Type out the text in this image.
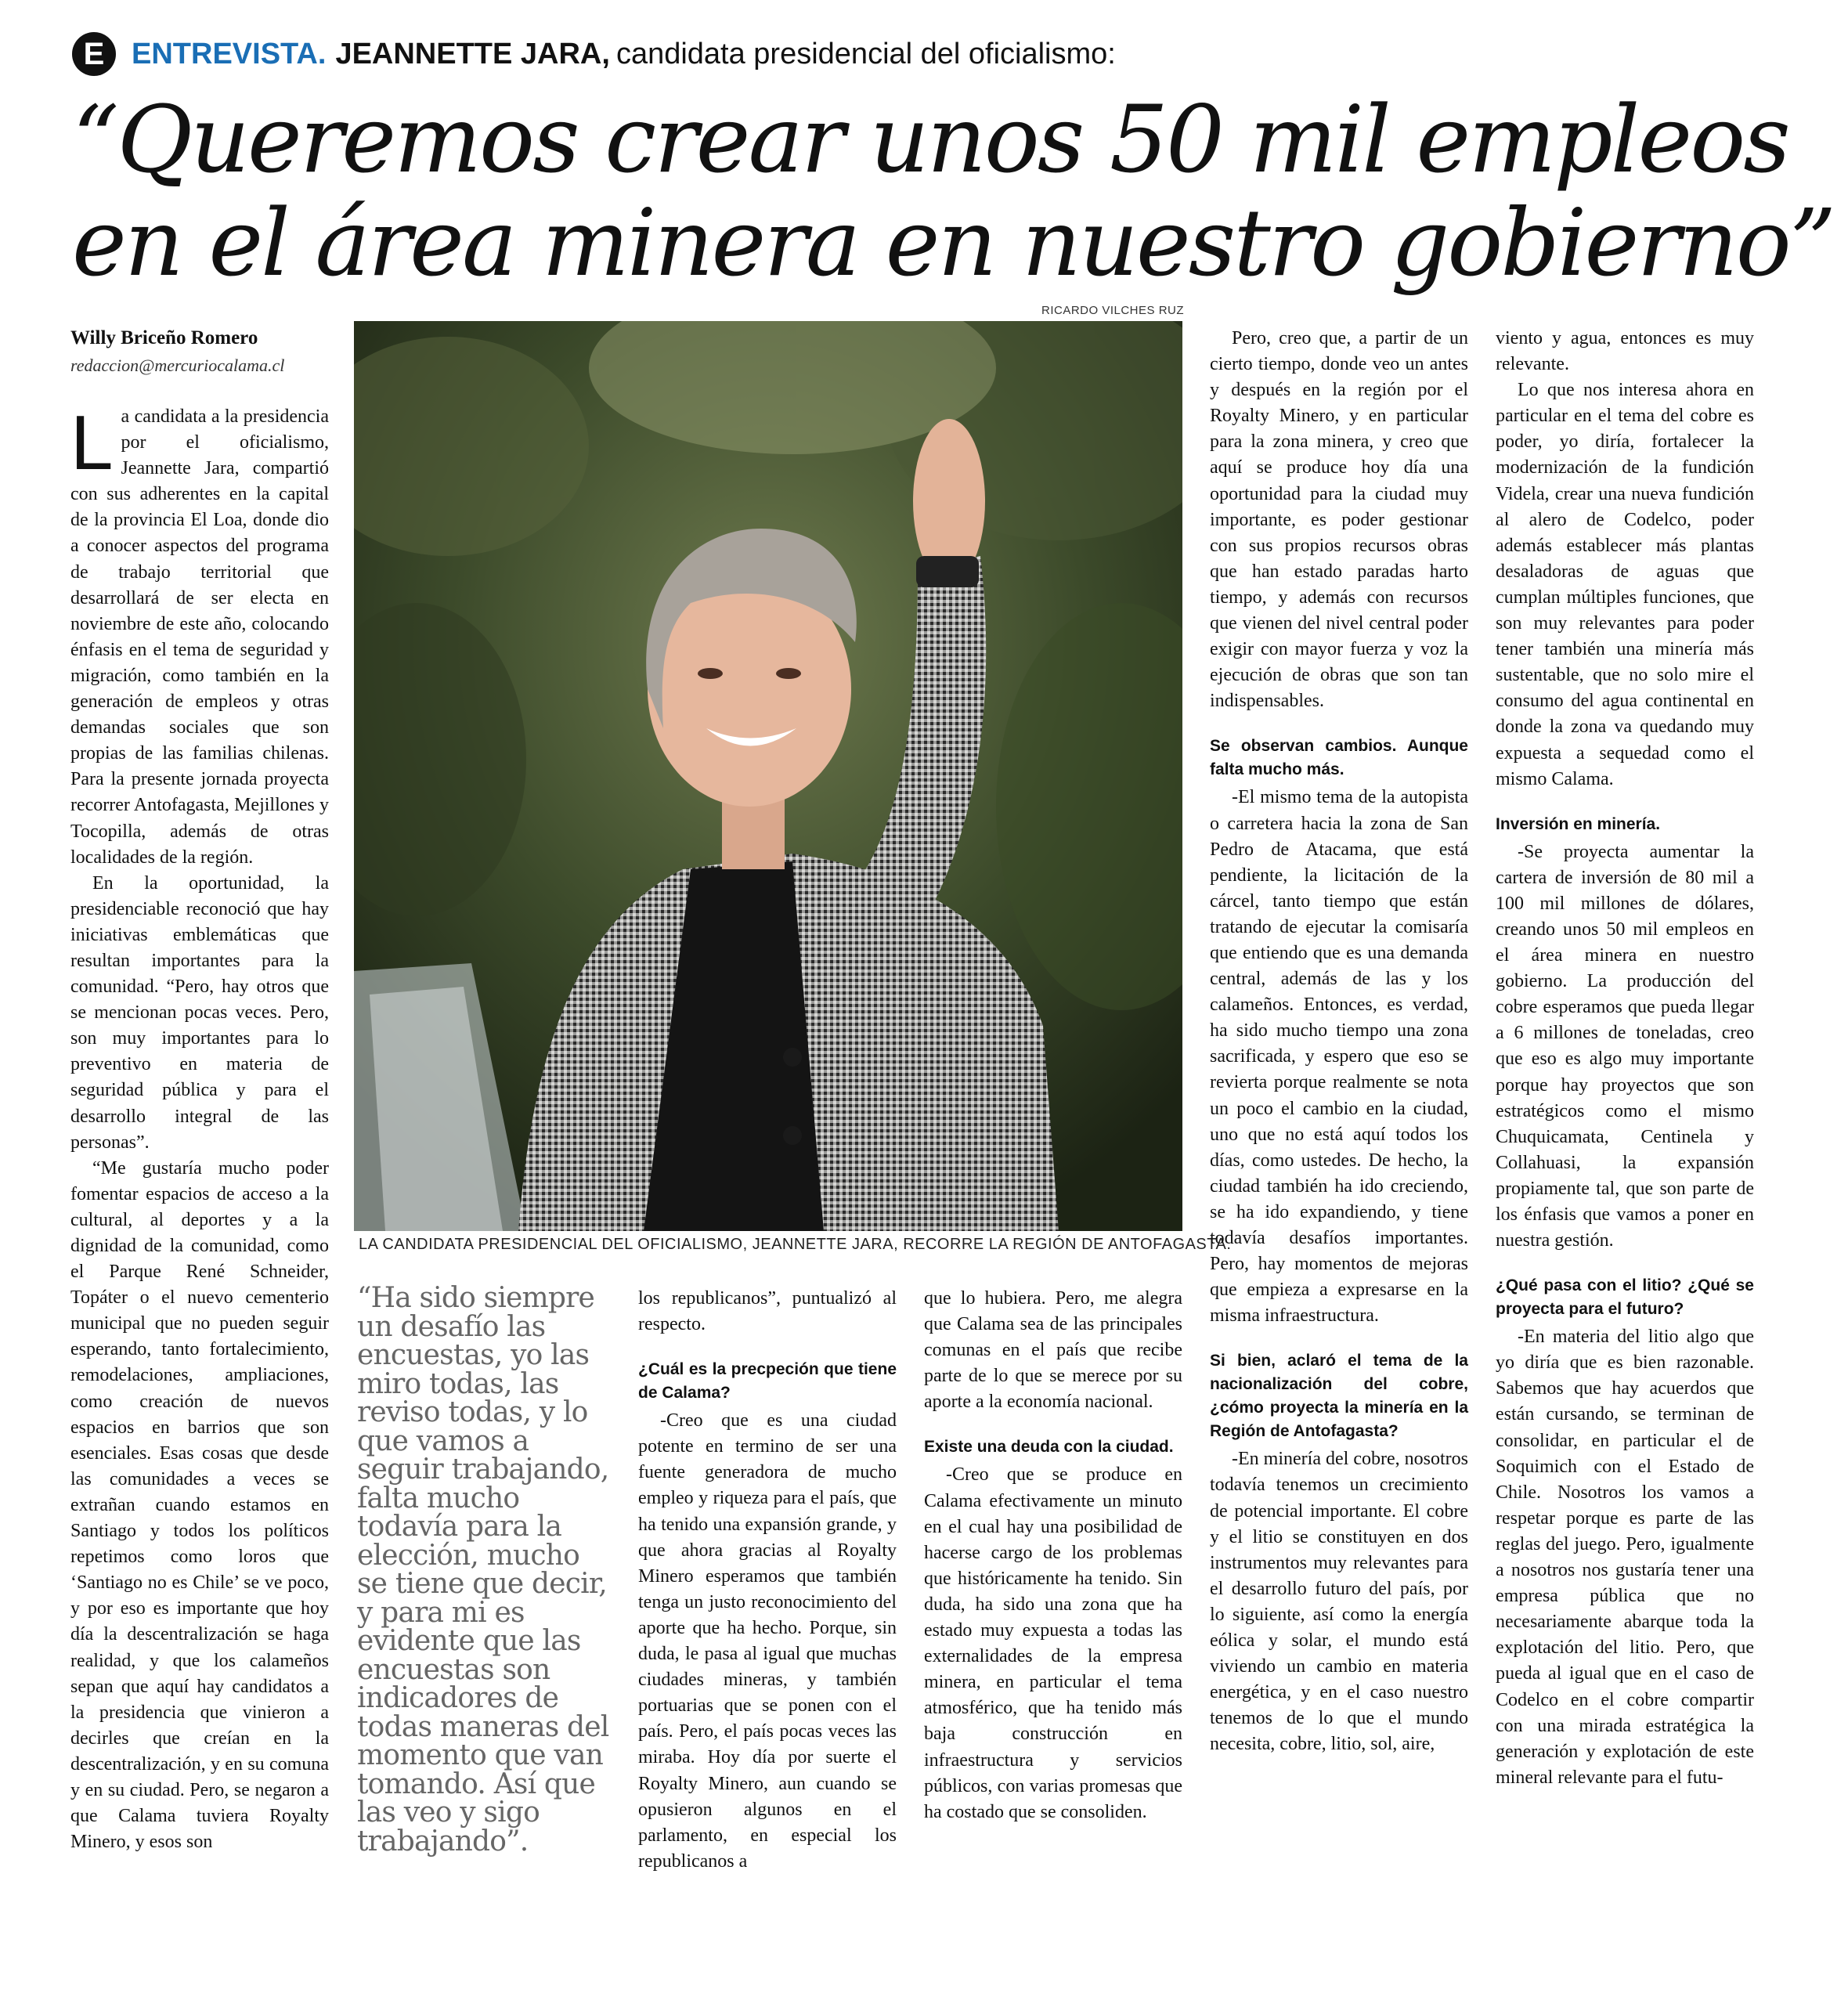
E ENTREVISTA. JEANNETTE JARA, candidata presidencial del oficialismo:
“Queremos crear unos 50 mil empleos
en el área minera en nuestro gobierno”
Willy Briceño Romero
redaccion@mercuriocalama.cl

La candidata a la presidencia por el oficialismo, Jeannette Jara, compartió con sus adherentes en la capital de la provincia El Loa, donde dio a conocer aspectos del programa de trabajo territorial que desarrollará de ser electa en noviembre de este año, colocando énfasis en el tema de seguridad y migración, como también en la generación de empleos y otras demandas sociales que son propias de las familias chilenas. Para la presente jornada proyecta recorrer Antofagasta, Mejillones y Tocopilla, además de otras localidades de la región.

En la oportunidad, la presidenciable reconoció que hay iniciativas emblemáticas que resultan importantes para la comunidad. “Pero, hay otros que se mencionan pocas veces. Pero, son muy importantes para lo preventivo en materia de seguridad pública y para el desarrollo integral de las personas”.

“Me gustaría mucho poder fomentar espacios de acceso a la cultural, al deportes y a la dignidad de la comunidad, como el Parque René Schneider, Topáter o el nuevo cementerio municipal que no pueden seguir esperando, tanto fortalecimiento, remodelaciones, ampliaciones, como creación de nuevos espacios en barrios que son esenciales. Esas cosas que desde las comunidades a veces se extrañan cuando estamos en Santiago y todos los políticos repetimos como loros que ‘Santiago no es Chile’ se ve poco, y por eso es importante que hoy día la descentralización se haga realidad, y que los calameños sepan que aquí hay candidatos a la presidencia que vinieron a decirles que creían en la descentralización, y en su comuna y en su ciudad. Pero, se negaron a que Calama tuviera Royalty Minero, y esos son

RICARDO VILCHES RUZ
LA CANDIDATA PRESIDENCIAL DEL OFICIALISMO, JEANNETTE JARA, RECORRE LA REGIÓN DE ANTOFAGASTA.
“Ha sido siempre un desafío las encuestas, yo las miro todas, las reviso todas, y lo que vamos a seguir trabajando, falta mucho todavía para la elección, mucho se tiene que decir, y para mi es evidente que las encuestas son indicadores de todas maneras del momento que van tomando. Así que las veo y sigo trabajando”.

los republicanos”, puntualizó al respecto.

¿Cuál es la precpeción que tiene de Calama?

-Creo que es una ciudad potente en termino de ser una fuente generadora de mucho empleo y riqueza para el país, que ha tenido una expansión grande, y que ahora gracias al Royalty Minero esperamos que también tenga un justo reconocimiento del aporte que ha hecho. Porque, sin duda, le pasa al igual que muchas ciudades mineras, y también portuarias que se ponen con el país. Pero, el país pocas veces las miraba. Hoy día por suerte el Royalty Minero, aun cuando se opusieron algunos en el parlamento, en especial los republicanos a

que lo hubiera. Pero, me alegra que Calama sea de las principales comunas en el país que recibe parte de lo que se merece por su aporte a la economía nacional.

Existe una deuda con la ciudad.

-Creo que se produce en Calama efectivamente un minuto en el cual hay una posibilidad de hacerse cargo de los problemas que históricamente ha tenido. Sin duda, ha sido una zona que ha estado muy expuesta a todas las externalidades de la empresa minera, en particular el tema atmosférico, que ha tenido más baja construcción en infraestructura y servicios públicos, con varias promesas que ha costado que se consoliden.

Pero, creo que, a partir de un cierto tiempo, donde veo un antes y después en la región por el Royalty Minero, y en particular para la zona minera, y creo que aquí se produce hoy día una oportunidad para la ciudad muy importante, es poder gestionar con sus propios recursos obras que han estado paradas harto tiempo, y además con recursos que vienen del nivel central poder exigir con mayor fuerza y voz la ejecución de obras que son tan indispensables.

Se observan cambios. Aunque falta mucho más.

-El mismo tema de la autopista o carretera hacia la zona de San Pedro de Atacama, que está pendiente, la licitación de la cárcel, tanto tiempo que están tratando de ejecutar la comisaría que entiendo que es una demanda central, además de las y los calameños. Entonces, es verdad, ha sido mucho tiempo una zona sacrificada, y espero que eso se revierta porque realmente se nota un poco el cambio en la ciudad, uno que no está aquí todos los días, como ustedes. De hecho, la ciudad también ha ido creciendo, se ha ido expandiendo, y tiene todavía desafíos importantes. Pero, hay momentos de mejoras que empieza a expresarse en la misma infraestructura.

Si bien, aclaró el tema de la nacionalización del cobre, ¿cómo proyecta la minería en la Región de Antofagasta?

-En minería del cobre, nosotros todavía tenemos un crecimiento de potencial importante. El cobre y el litio se constituyen en dos instrumentos muy relevantes para el desarrollo futuro del país, por lo siguiente, así como la energía eólica y solar, el mundo está viviendo un cambio en materia energética, y en el caso nuestro tenemos de lo que el mundo necesita, cobre, litio, sol, aire,

viento y agua, entonces es muy relevante.

Lo que nos interesa ahora en particular en el tema del cobre es poder, yo diría, fortalecer la modernización de la fundición Videla, crear una nueva fundición al alero de Codelco, poder además establecer más plantas desaladoras de aguas que cumplan múltiples funciones, que son muy relevantes para poder tener también una minería más sustentable, que no solo mire el consumo del agua continental en donde la zona va quedando muy expuesta a sequedad como el mismo Calama.

Inversión en minería.

-Se proyecta aumentar la cartera de inversión de 80 mil a 100 mil millones de dólares, creando unos 50 mil empleos en el área minera en nuestro gobierno. La producción del cobre esperamos que pueda llegar a 6 millones de toneladas, creo que eso es algo muy importante porque hay proyectos que son estratégicos como el mismo Chuquicamata, Centinela y Collahuasi, la expansión propiamente tal, que son parte de los énfasis que vamos a poner en nuestra gestión.

¿Qué pasa con el litio? ¿Qué se proyecta para el futuro?

-En materia del litio algo que yo diría que es bien razonable. Sabemos que hay acuerdos que están cursando, se terminan de consolidar, en particular el de Soquimich con el Estado de Chile. Nosotros los vamos a respetar porque es parte de las reglas del juego. Pero, igualmente a nosotros nos gustaría tener una empresa pública que no necesariamente abarque toda la explotación del litio. Pero, que pueda al igual que en el caso de Codelco en el cobre compartir con una mirada estratégica la generación y explotación de este mineral relevante para el futu-
